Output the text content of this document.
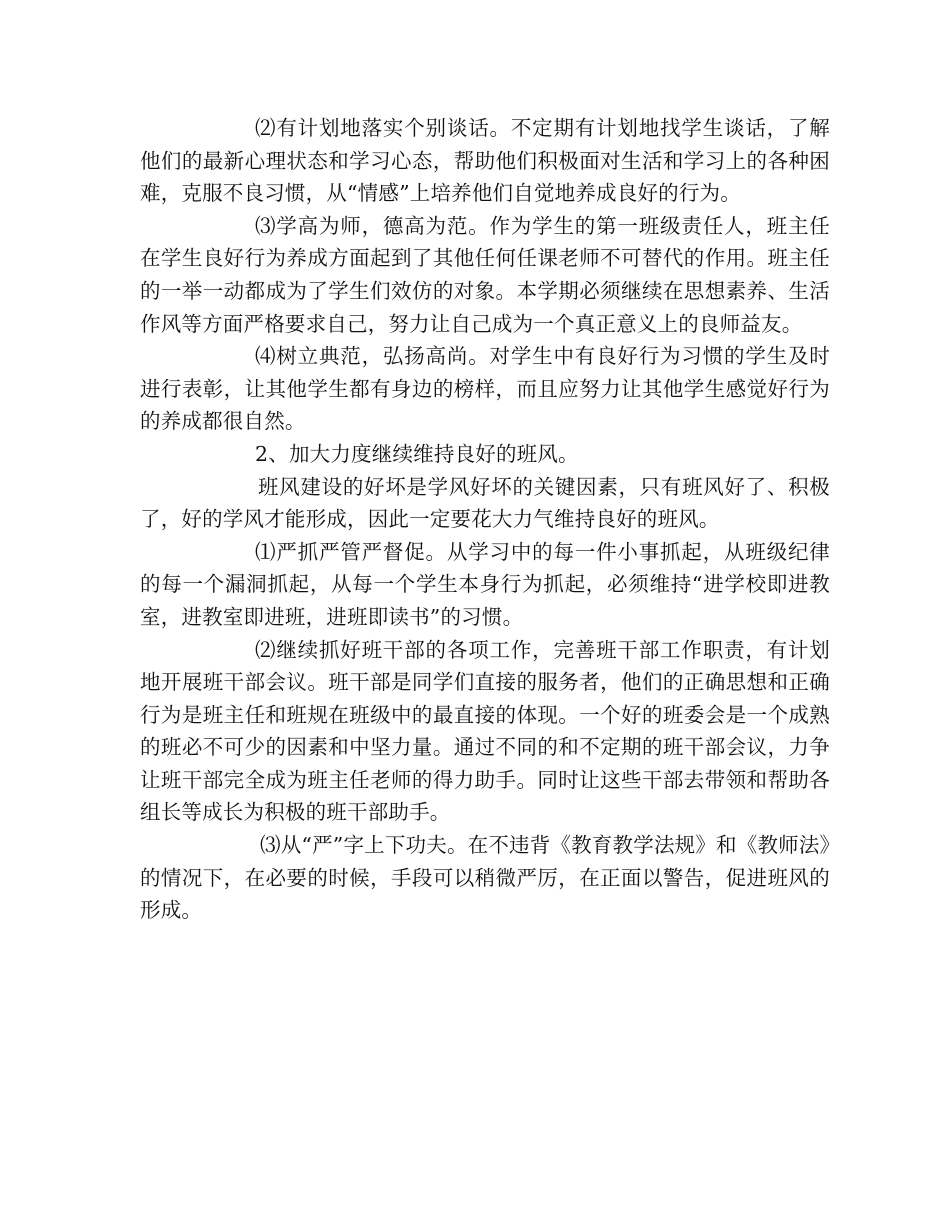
⑵有计划地落实个别谈话。不定期有计划地找学生谈话，了解他们的最新心理状态和学习心态，帮助他们积极面对生活和学习上的各种困难，克服不良习惯，从“情感”上培养他们自觉地养成良好的行为。

⑶学高为师，德高为范。作为学生的第一班级责任人，班主任在学生良好行为养成方面起到了其他任何任课老师不可替代的作用。班主任的一举一动都成为了学生们效仿的对象。本学期必须继续在思想素养、生活作风等方面严格要求自己，努力让自己成为一个真正意义上的良师益友。

⑷树立典范，弘扬高尚。对学生中有良好行为习惯的学生及时进行表彰，让其他学生都有身边的榜样，而且应努力让其他学生感觉好行为的养成都很自然。

2、加大力度继续维持良好的班风。

班风建设的好坏是学风好坏的关键因素，只有班风好了、积极了，好的学风才能形成，因此一定要花大力气维持良好的班风。

⑴严抓严管严督促。从学习中的每一件小事抓起，从班级纪律的每一个漏洞抓起，从每一个学生本身行为抓起，必须维持“进学校即进教室，进教室即进班，进班即读书”的习惯。

⑵继续抓好班干部的各项工作，完善班干部工作职责，有计划地开展班干部会议。班干部是同学们直接的服务者，他们的正确思想和正确行为是班主任和班规在班级中的最直接的体现。一个好的班委会是一个成熟的班必不可少的因素和中坚力量。通过不同的和不定期的班干部会议，力争让班干部完全成为班主任老师的得力助手。同时让这些干部去带领和帮助各组长等成长为积极的班干部助手。

⑶从“严”字上下功夫。在不违背《教育教学法规》和《教师法》的情况下，在必要的时候，手段可以稍微严厉，在正面以警告，促进班风的形成。
